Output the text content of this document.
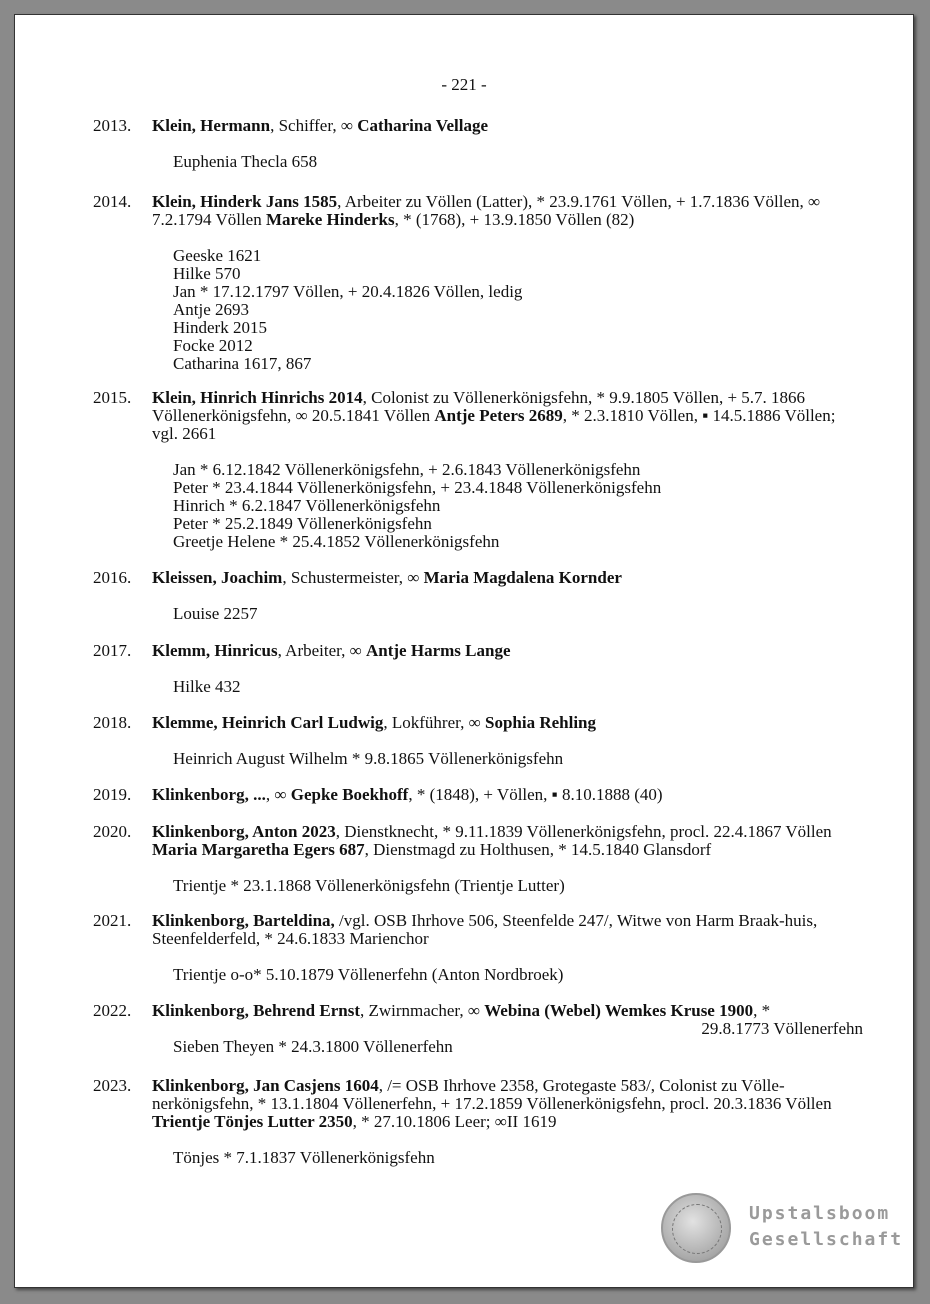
- 221 -
2013. Klein, Hermann, Schiffer, ∞ Catharina Vellage
Euphenia Thecla 658
2014. Klein, Hinderk Jans 1585, Arbeiter zu Völlen (Latter), * 23.9.1761 Völlen, + 1.7.1836 Völlen, ∞ 7.2.1794 Völlen Mareke Hinderks, * (1768), + 13.9.1850 Völlen (82)
Geeske 1621
Hilke 570
Jan * 17.12.1797 Völlen, + 20.4.1826 Völlen, ledig
Antje 2693
Hinderk 2015
Focke 2012
Catharina 1617, 867
2015. Klein, Hinrich Hinrichs 2014, Colonist zu Völlenerkönigsfehn, * 9.9.1805 Völlen, + 5.7. 1866 Völlenerkönigsfehn, ∞ 20.5.1841 Völlen Antje Peters 2689, * 2.3.1810 Völlen, ▪ 14.5.1886 Völlen; vgl. 2661
Jan * 6.12.1842 Völlenerkönigsfehn, + 2.6.1843 Völlenerkönigsfehn
Peter * 23.4.1844 Völlenerkönigsfehn, + 23.4.1848 Völlenerkönigsfehn
Hinrich * 6.2.1847 Völlenerkönigsfehn
Peter * 25.2.1849 Völlenerkönigsfehn
Greetje Helene * 25.4.1852 Völlenerkönigsfehn
2016. Kleissen, Joachim, Schustermeister, ∞ Maria Magdalena Kornder
Louise 2257
2017. Klemm, Hinricus, Arbeiter, ∞ Antje Harms Lange
Hilke 432
2018. Klemme, Heinrich Carl Ludwig, Lokführer, ∞ Sophia Rehling
Heinrich August Wilhelm * 9.8.1865 Völlenerkönigsfehn
2019. Klinkenborg, ..., ∞ Gepke Boekhoff, * (1848), + Völlen, ▪ 8.10.1888 (40)
2020. Klinkenborg, Anton 2023, Dienstknecht, * 9.11.1839 Völlenerkönigsfehn, procl. 22.4.1867 Völlen Maria Margaretha Egers 687, Dienstmagd zu Holthusen, * 14.5.1840 Glansdorf
Trientje * 23.1.1868 Völlenerkönigsfehn (Trientje Lutter)
2021. Klinkenborg, Barteldina, /vgl. OSB Ihrhove 506, Steenfelde 247/, Witwe von Harm Braak-huis, Steenfelderfeld, * 24.6.1833 Marienchor
Trientje o-o* 5.10.1879 Völlenerfehn (Anton Nordbroek)
2022. Klinkenborg, Behrend Ernst, Zwirnmacher, ∞ Webina (Webel) Wemkes Kruse 1900, *
29.8.1773 Völlenerfehn
Sieben Theyen * 24.3.1800 Völlenerfehn
2023. Klinkenborg, Jan Casjens 1604, /= OSB Ihrhove 2358, Grotegaste 583/, Colonist zu Völle-nerkönigsfehn, * 13.1.1804 Völlenerfehn, + 17.2.1859 Völlenerkönigsfehn, procl. 20.3.1836 Völlen Trientje Tönjes Lutter 2350, * 27.10.1806 Leer; ∞II 1619
Tönjes * 7.1.1837 Völlenerkönigsfehn
Upstalsboom
Gesellschaft
